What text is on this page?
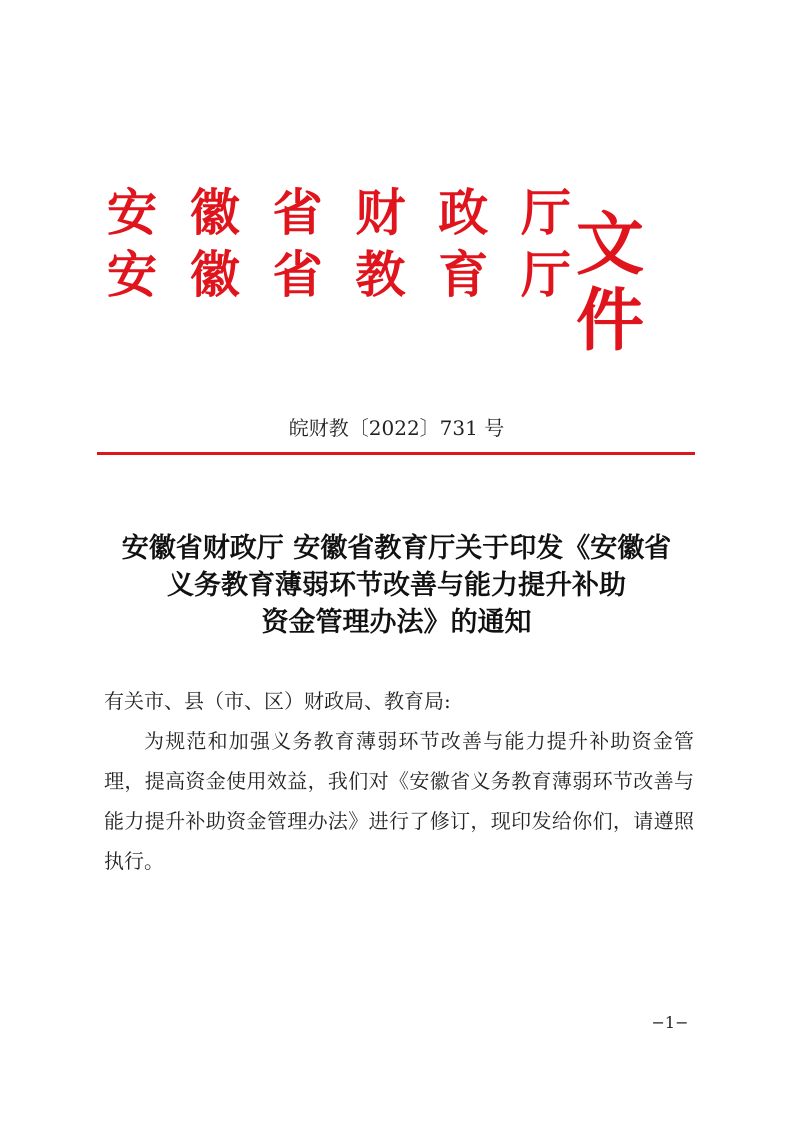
安 徽 省 财 政 厅
安 徽 省 教 育 厅 文件
皖财教〔2022〕731 号
安徽省财政厅 安徽省教育厅关于印发《安徽省
义务教育薄弱环节改善与能力提升补助
资金管理办法》的通知
有关市、县（市、区）财政局、教育局:

为规范和加强义务教育薄弱环节改善与能力提升补助资金管理，提高资金使用效益，我们对《安徽省义务教育薄弱环节改善与能力提升补助资金管理办法》进行了修订，现印发给你们，请遵照执行。

−1−
